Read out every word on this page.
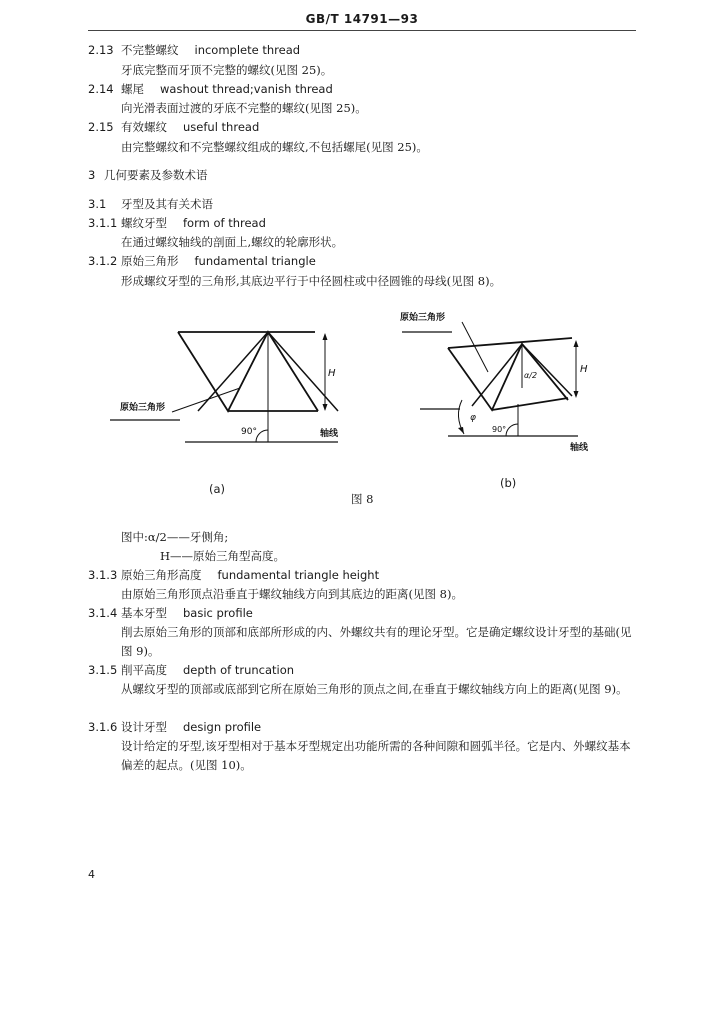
GB/T 14791—93
2.13 不完整螺纹 incomplete thread
牙底完整而牙顶不完整的螺纹(见图 25)。
2.14 螺尾 washout thread;vanish thread
向光滑表面过渡的牙底不完整的螺纹(见图 25)。
2.15 有效螺纹 useful thread
由完整螺纹和不完整螺纹组成的螺纹,不包括螺尾(见图 25)。
3 几何要素及参数术语
3.1 牙型及其有关术语
3.1.1 螺纹牙型 form of thread
在通过螺纹轴线的剖面上,螺纹的轮廓形状。
3.1.2 原始三角形 fundamental triangle
形成螺纹牙型的三角形,其底边平行于中径圆柱或中径圆锥的母线(见图 8)。
原始三角形
H
90°	轴线
(a)
原始三角形
α/2
H
φ
90°
轴线
(b)
图 8
图中:α/2——牙侧角;
H——原始三角型高度。
3.1.3 原始三角形高度 fundamental triangle height
由原始三角形顶点沿垂直于螺纹轴线方向到其底边的距离(见图 8)。
3.1.4 基本牙型 basic profile
削去原始三角形的顶部和底部所形成的内、外螺纹共有的理论牙型。它是确定螺纹设计牙型的基础(见图 9)。
3.1.5 削平高度 depth of truncation
从螺纹牙型的顶部或底部到它所在原始三角形的顶点之间,在垂直于螺纹轴线方向上的距离(见图 9)。
3.1.6 设计牙型 design profile
设计给定的牙型,该牙型相对于基本牙型规定出功能所需的各种间隙和圆弧半径。它是内、外螺纹基本偏差的起点。(见图 10)。
4
